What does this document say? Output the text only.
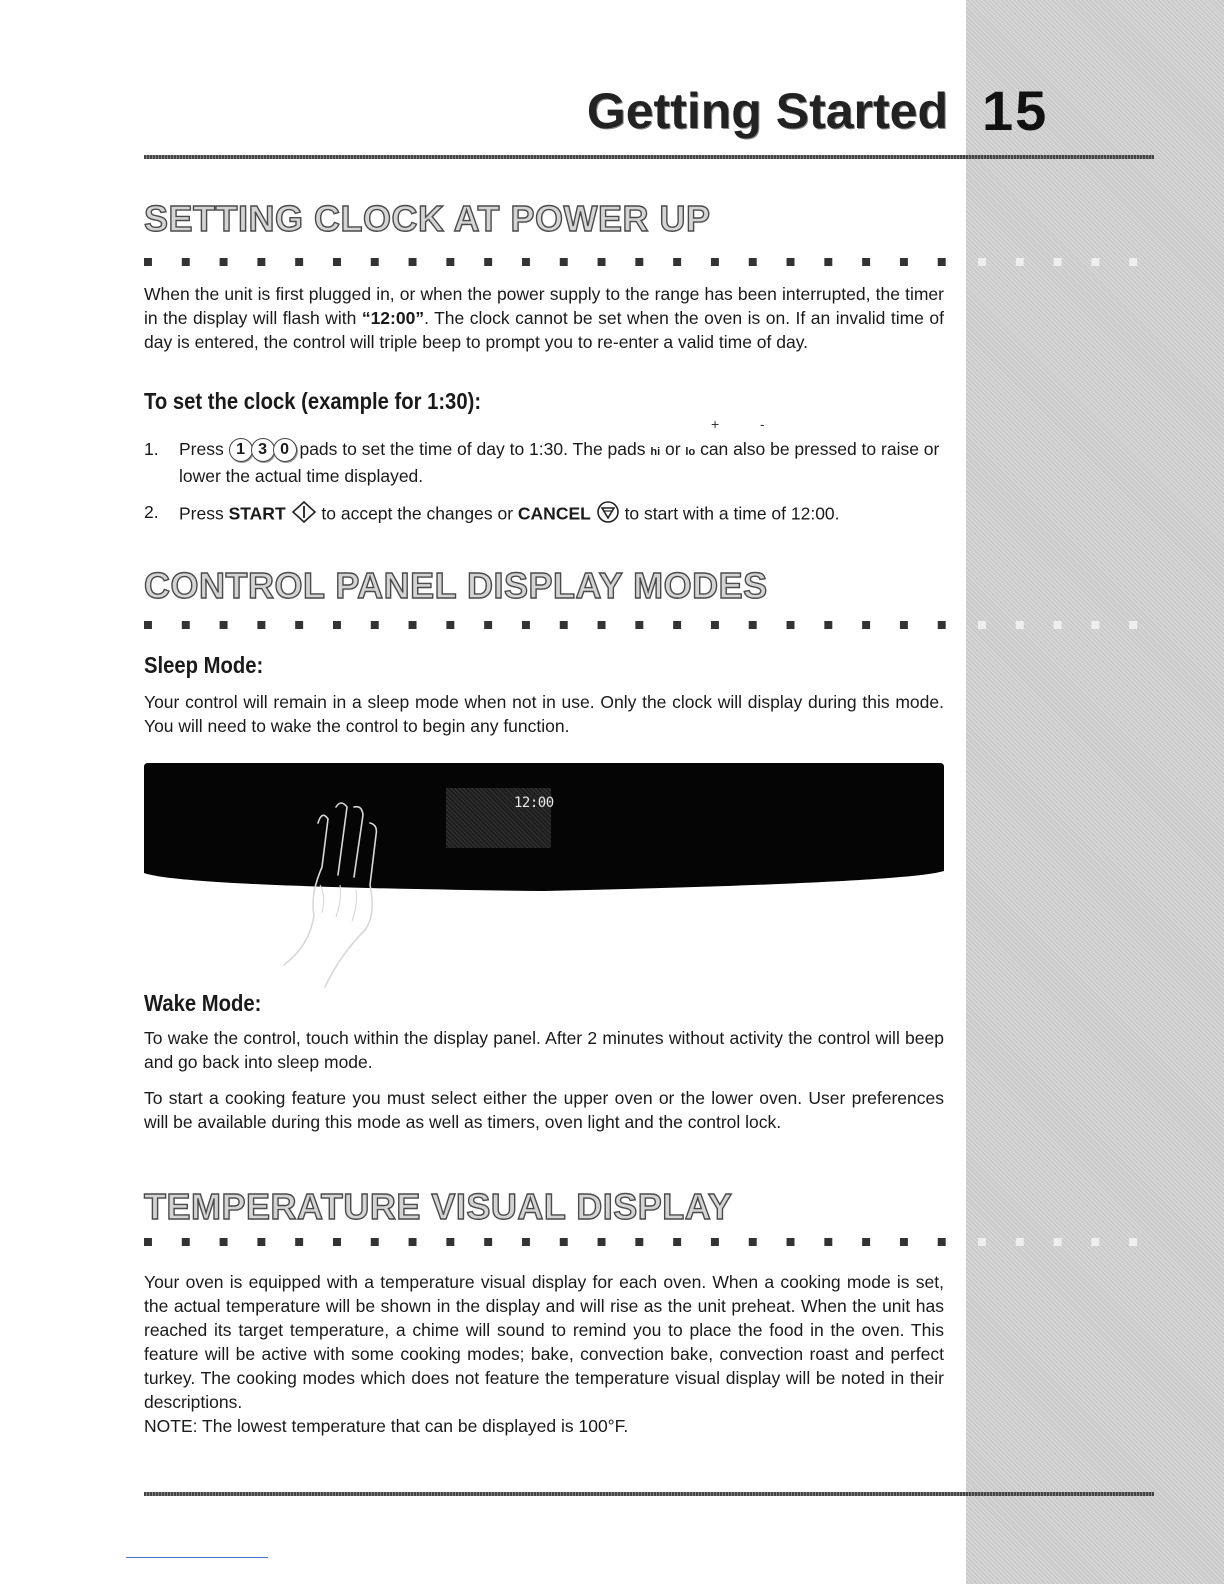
Getting Started 15
SETTING CLOCK AT POWER UP

When the unit is first plugged in, or when the power supply to the range has been interrupted, the timer in the display will flash with “12:00”. The clock cannot be set when the oven is on. If an invalid time of day is entered, the control will triple beep to prompt you to re-enter a valid time of day.

To set the clock (example for 1:30):
+	-
1. Press 1 3 0 pads to set the time of day to 1:30. The pads hi or lo can also be pressed to raise or lower the actual time displayed.
2. Press START  to accept the changes or CANCEL  to start with a time of 12:00.
CONTROL PANEL DISPLAY MODES
Sleep Mode:

Your control will remain in a sleep mode when not in use. Only the clock will display during this mode. You will need to wake the control to begin any function.

12:00
Wake Mode:

To wake the control, touch within the display panel. After 2 minutes without activity the control will beep and go back into sleep mode.

To start a cooking feature you must select either the upper oven or the lower oven. User preferences will be available during this mode as well as timers, oven light and the control lock.

TEMPERATURE VISUAL DISPLAY

Your oven is equipped with a temperature visual display for each oven. When a cooking mode is set, the actual temperature will be shown in the display and will rise as the unit preheat. When the unit has reached its target temperature, a chime will sound to remind you to place the food in the oven. This feature will be active with some cooking modes; bake, convection bake, convection roast and perfect turkey. The cooking modes which does not feature the temperature visual display will be noted in their descriptions.

NOTE: The lowest temperature that can be displayed is 100°F.
